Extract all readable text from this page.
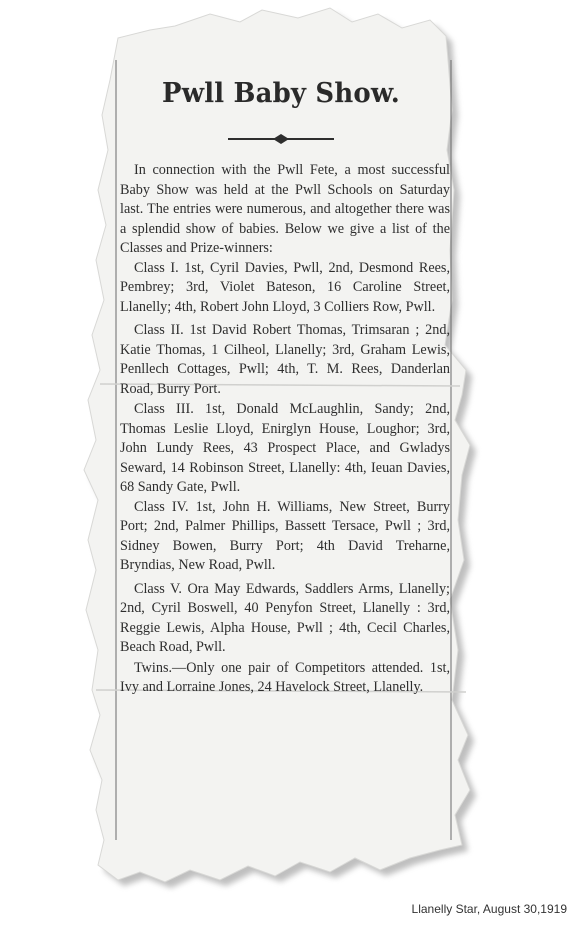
Pwll Baby Show.

In connection with the Pwll Fete, a most successful Baby Show was held at the Pwll Schools on Saturday last. The entries were numerous, and altogether there was a splendid show of babies. Below we give a list of the Classes and Prize-winners:

Class I. 1st, Cyril Davies, Pwll, 2nd, Desmond Rees, Pembrey; 3rd, Violet Bateson, 16 Caroline Street, Llanelly; 4th, Robert John Lloyd, 3 Colliers Row, Pwll.

Class II. 1st David Robert Thomas, Trimsaran ; 2nd, Katie Thomas, 1 Cilheol, Llanelly; 3rd, Graham Lewis, Penllech Cottages, Pwll; 4th, T. M. Rees, Danderlan Road, Burry Port.

Class III. 1st, Donald McLaughlin, Sandy; 2nd, Thomas Leslie Lloyd, Enirglyn House, Loughor; 3rd, John Lundy Rees, 43 Prospect Place, and Gwladys Seward, 14 Robinson Street, Llanelly: 4th, Ieuan Davies, 68 Sandy Gate, Pwll.

Class IV. 1st, John H. Williams, New Street, Burry Port; 2nd, Palmer Phillips, Bassett Tersace, Pwll ; 3rd, Sidney Bowen, Burry Port; 4th David Treharne, Bryndias, New Road, Pwll.

Class V. Ora May Edwards, Saddlers Arms, Llanelly; 2nd, Cyril Boswell, 40 Penyfon Street, Llanelly : 3rd, Reggie Lewis, Alpha House, Pwll ; 4th, Cecil Charles, Beach Road, Pwll.

Twins.—Only one pair of Competitors attended. 1st, Ivy and Lorraine Jones, 24 Havelock Street, Llanelly.

Llanelly Star, August 30,1919
